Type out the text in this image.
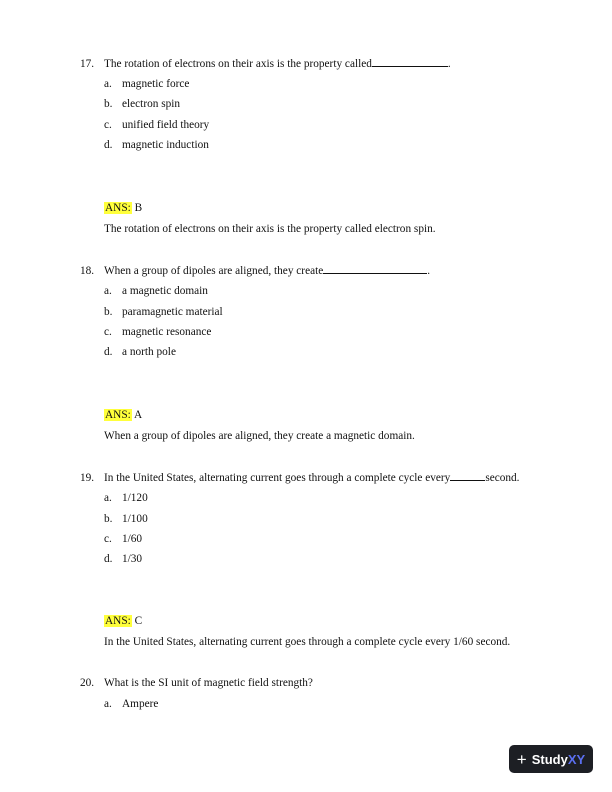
17. The rotation of electrons on their axis is the property called	.
a. magnetic force
b. electron spin
c. unified field theory
d. magnetic induction
ANS: B
The rotation of electrons on their axis is the property called electron spin.
18. When a group of dipoles are aligned, they create	.
a. a magnetic domain
b. paramagnetic material
c. magnetic resonance
d. a north pole
ANS: A
When a group of dipoles are aligned, they create a magnetic domain.
19. In the United States, alternating current goes through a complete cycle every	second.
a. 1/120
b. 1/100
c. 1/60
d. 1/30
ANS: C
In the United States, alternating current goes through a complete cycle every 1/60 second.
20. What is the SI unit of magnetic field strength?
a. Ampere
+ Study XY
